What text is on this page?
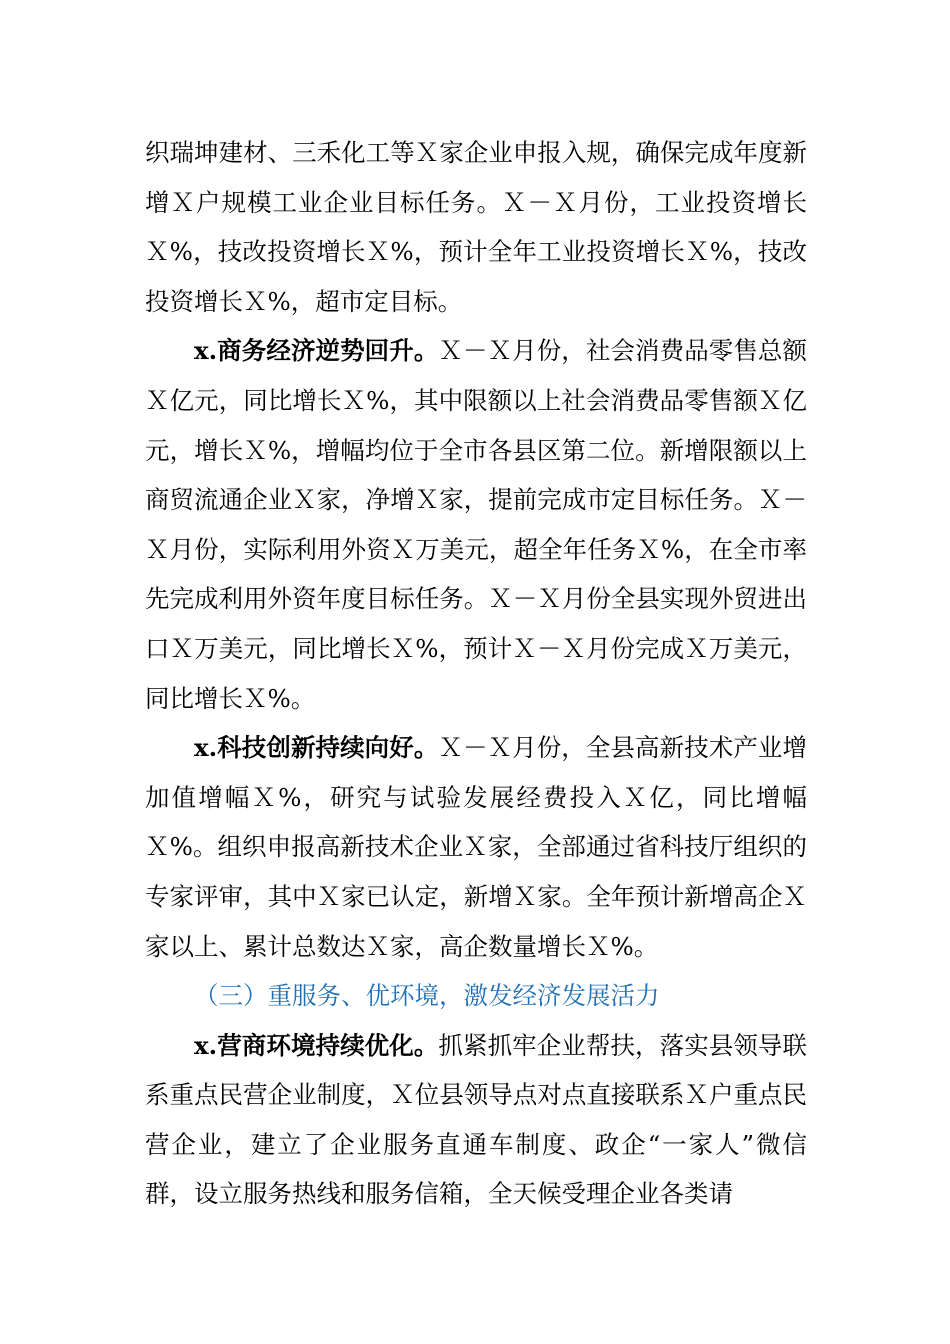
织瑞坤建材、三禾化工等Ｘ家企业申报入规，确保完成年度新增Ｘ户规模工业企业目标任务。Ｘ－Ｘ月份，工业投资增长Ｘ%，技改投资增长Ｘ%，预计全年工业投资增长Ｘ%，技改投资增长Ｘ%，超市定目标。

x.商务经济逆势回升。Ｘ－Ｘ月份，社会消费品零售总额Ｘ亿元，同比增长Ｘ%，其中限额以上社会消费品零售额Ｘ亿元，增长Ｘ%，增幅均位于全市各县区第二位。新增限额以上商贸流通企业Ｘ家，净增Ｘ家，提前完成市定目标任务。Ｘ－Ｘ月份，实际利用外资Ｘ万美元，超全年任务Ｘ%，在全市率先完成利用外资年度目标任务。Ｘ－Ｘ月份全县实现外贸进出口Ｘ万美元，同比增长Ｘ%，预计Ｘ－Ｘ月份完成Ｘ万美元，同比增长Ｘ%。

x.科技创新持续向好。Ｘ－Ｘ月份，全县高新技术产业增加值增幅Ｘ%，研究与试验发展经费投入Ｘ亿，同比增幅Ｘ%。组织申报高新技术企业Ｘ家，全部通过省科技厅组织的专家评审，其中Ｘ家已认定，新增Ｘ家。全年预计新增高企Ｘ家以上、累计总数达Ｘ家，高企数量增长Ｘ%。

（三）重服务、优环境，激发经济发展活力

x.营商环境持续优化。抓紧抓牢企业帮扶，落实县领导联系重点民营企业制度，Ｘ位县领导点对点直接联系Ｘ户重点民营企业，建立了企业服务直通车制度、政企“一家人”微信群，设立服务热线和服务信箱，全天候受理企业各类请
